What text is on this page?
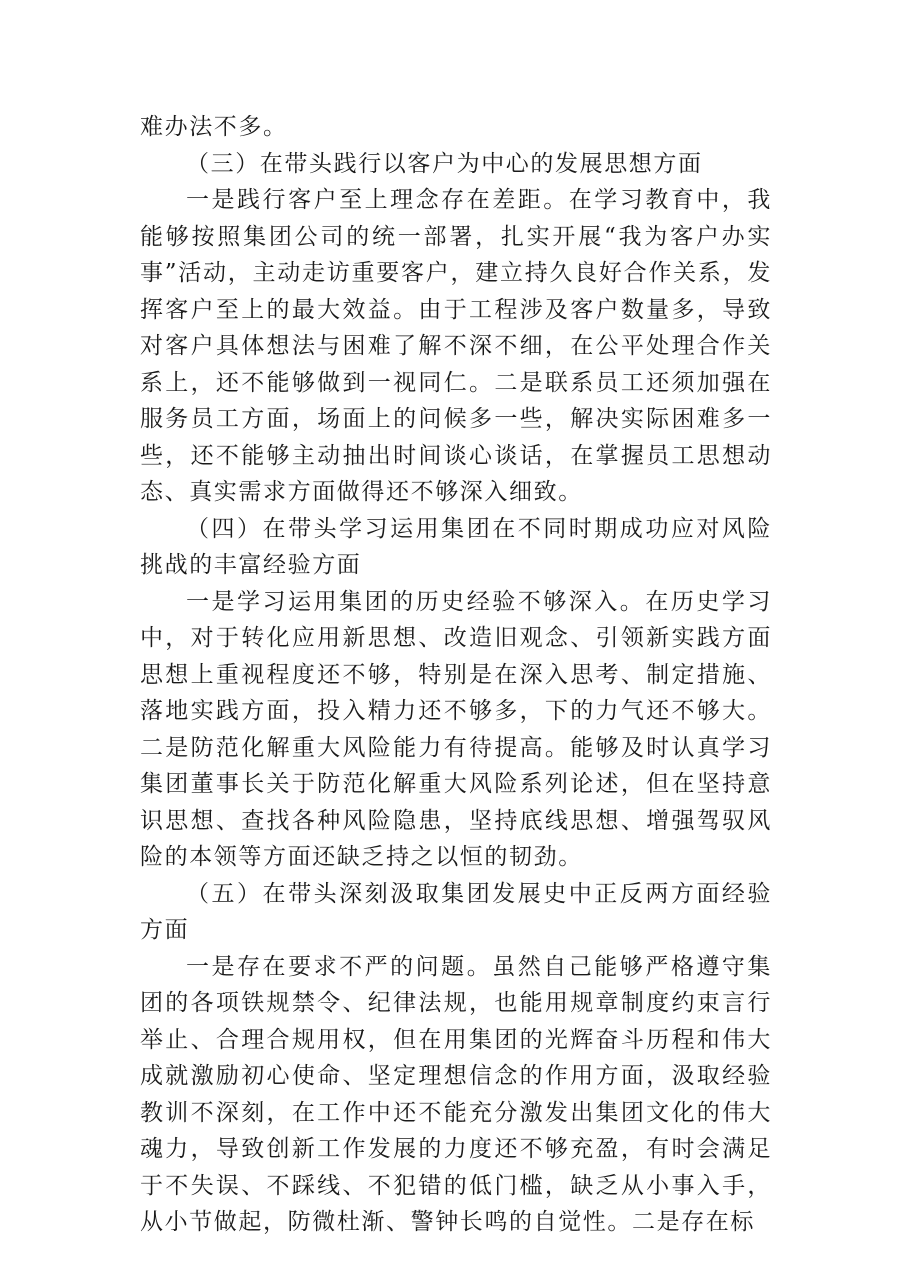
难办法不多。

（三）在带头践行以客户为中心的发展思想方面

一是践行客户至上理念存在差距。在学习教育中，我能够按照集团公司的统一部署，扎实开展“我为客户办实事”活动，主动走访重要客户，建立持久良好合作关系，发挥客户至上的最大效益。由于工程涉及客户数量多，导致对客户具体想法与困难了解不深不细，在公平处理合作关系上，还不能够做到一视同仁。二是联系员工还须加强在服务员工方面，场面上的问候多一些，解决实际困难多一些，还不能够主动抽出时间谈心谈话，在掌握员工思想动态、真实需求方面做得还不够深入细致。

（四）在带头学习运用集团在不同时期成功应对风险挑战的丰富经验方面

一是学习运用集团的历史经验不够深入。在历史学习中，对于转化应用新思想、改造旧观念、引领新实践方面思想上重视程度还不够，特别是在深入思考、制定措施、落地实践方面，投入精力还不够多，下的力气还不够大。二是防范化解重大风险能力有待提高。能够及时认真学习集团董事长关于防范化解重大风险系列论述，但在坚持意识思想、查找各种风险隐患，坚持底线思想、增强驾驭风险的本领等方面还缺乏持之以恒的韧劲。

（五）在带头深刻汲取集团发展史中正反两方面经验方面

一是存在要求不严的问题。虽然自己能够严格遵守集团的各项铁规禁令、纪律法规，也能用规章制度约束言行举止、合理合规用权，但在用集团的光辉奋斗历程和伟大成就激励初心使命、坚定理想信念的作用方面，汲取经验教训不深刻，在工作中还不能充分激发出集团文化的伟大魂力，导致创新工作发展的力度还不够充盈，有时会满足于不失误、不踩线、不犯错的低门槛，缺乏从小事入手，从小节做起，防微杜渐、警钟长鸣的自觉性。二是存在标
